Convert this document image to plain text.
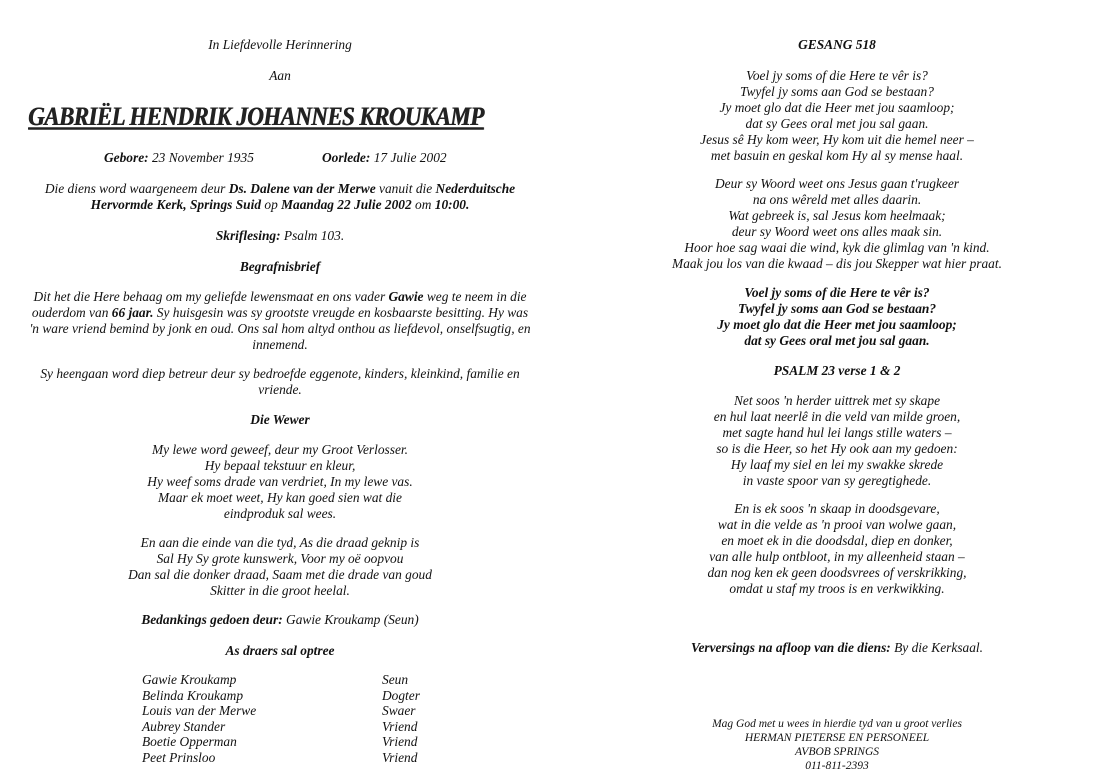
In Liefdevolle Herinnering

Aan

GABRIËL HENDRIK JOHANNES KROUKAMP
Gebore: 23 November 1935	Oorlede: 17 Julie 2002

Die diens word waargeneem deur Ds. Dalene van der Merwe vanuit die Nederduitsche

Hervormde Kerk, Springs Suid op Maandag 22 Julie 2002 om 10:00.

Skriflesing: Psalm 103.

Begrafnisbrief

Dit het die Here behaag om my geliefde lewensmaat en ons vader Gawie weg te neem in die

ouderdom van 66 jaar. Sy huisgesin was sy grootste vreugde en kosbaarste besitting. Hy was

'n ware vriend bemind by jonk en oud. Ons sal hom altyd onthou as liefdevol, onselfsugtig, en

innemend.

Sy heengaan word diep betreur deur sy bedroefde eggenote, kinders, kleinkind, familie en

vriende.

Die Wewer

My lewe word geweef, deur my Groot Verlosser.

Hy bepaal tekstuur en kleur,

Hy weef soms drade van verdriet, In my lewe vas.

Maar ek moet weet, Hy kan goed sien wat die

eindproduk sal wees.

En aan die einde van die tyd, As die draad geknip is

Sal Hy Sy grote kunswerk, Voor my oë oopvou

Dan sal die donker draad, Saam met die drade van goud

Skitter in die groot heelal.

Bedankings gedoen deur: Gawie Kroukamp (Seun)

As draers sal optree

Gawie Kroukamp	Seun
Belinda Kroukamp	Dogter
Louis van der Merwe	Swaer
Aubrey Stander	Vriend
Boetie Opperman	Vriend
Peet Prinsloo	Vriend

GESANG 518

Voel jy soms of die Here te vêr is?

Twyfel jy soms aan God se bestaan?

Jy moet glo dat die Heer met jou saamloop;

dat sy Gees oral met jou sal gaan.

Jesus sê Hy kom weer, Hy kom uit die hemel neer –

met basuin en geskal kom Hy al sy mense haal.

Deur sy Woord weet ons Jesus gaan t'rugkeer

na ons wêreld met alles daarin.

Wat gebreek is, sal Jesus kom heelmaak;

deur sy Woord weet ons alles maak sin.

Hoor hoe sag waai die wind, kyk die glimlag van 'n kind.

Maak jou los van die kwaad – dis jou Skepper wat hier praat.

Voel jy soms of die Here te vêr is?

Twyfel jy soms aan God se bestaan?

Jy moet glo dat die Heer met jou saamloop;

dat sy Gees oral met jou sal gaan.

PSALM 23 verse 1 & 2

Net soos 'n herder uittrek met sy skape

en hul laat neerlê in die veld van milde groen,

met sagte hand hul lei langs stille waters –

so is die Heer, so het Hy ook aan my gedoen:

Hy laaf my siel en lei my swakke skrede

in vaste spoor van sy geregtighede.

En is ek soos 'n skaap in doodsgevare,

wat in die velde as 'n prooi van wolwe gaan,

en moet ek in die doodsdal, diep en donker,

van alle hulp ontbloot, in my alleenheid staan –

dan nog ken ek geen doodsvrees of verskrikking,

omdat u staf my troos is en verkwikking.

Verversings na afloop van die diens: By die Kerksaal.

Mag God met u wees in hierdie tyd van u groot verlies

HERMAN PIETERSE EN PERSONEEL

AVBOB SPRINGS

011-811-2393
